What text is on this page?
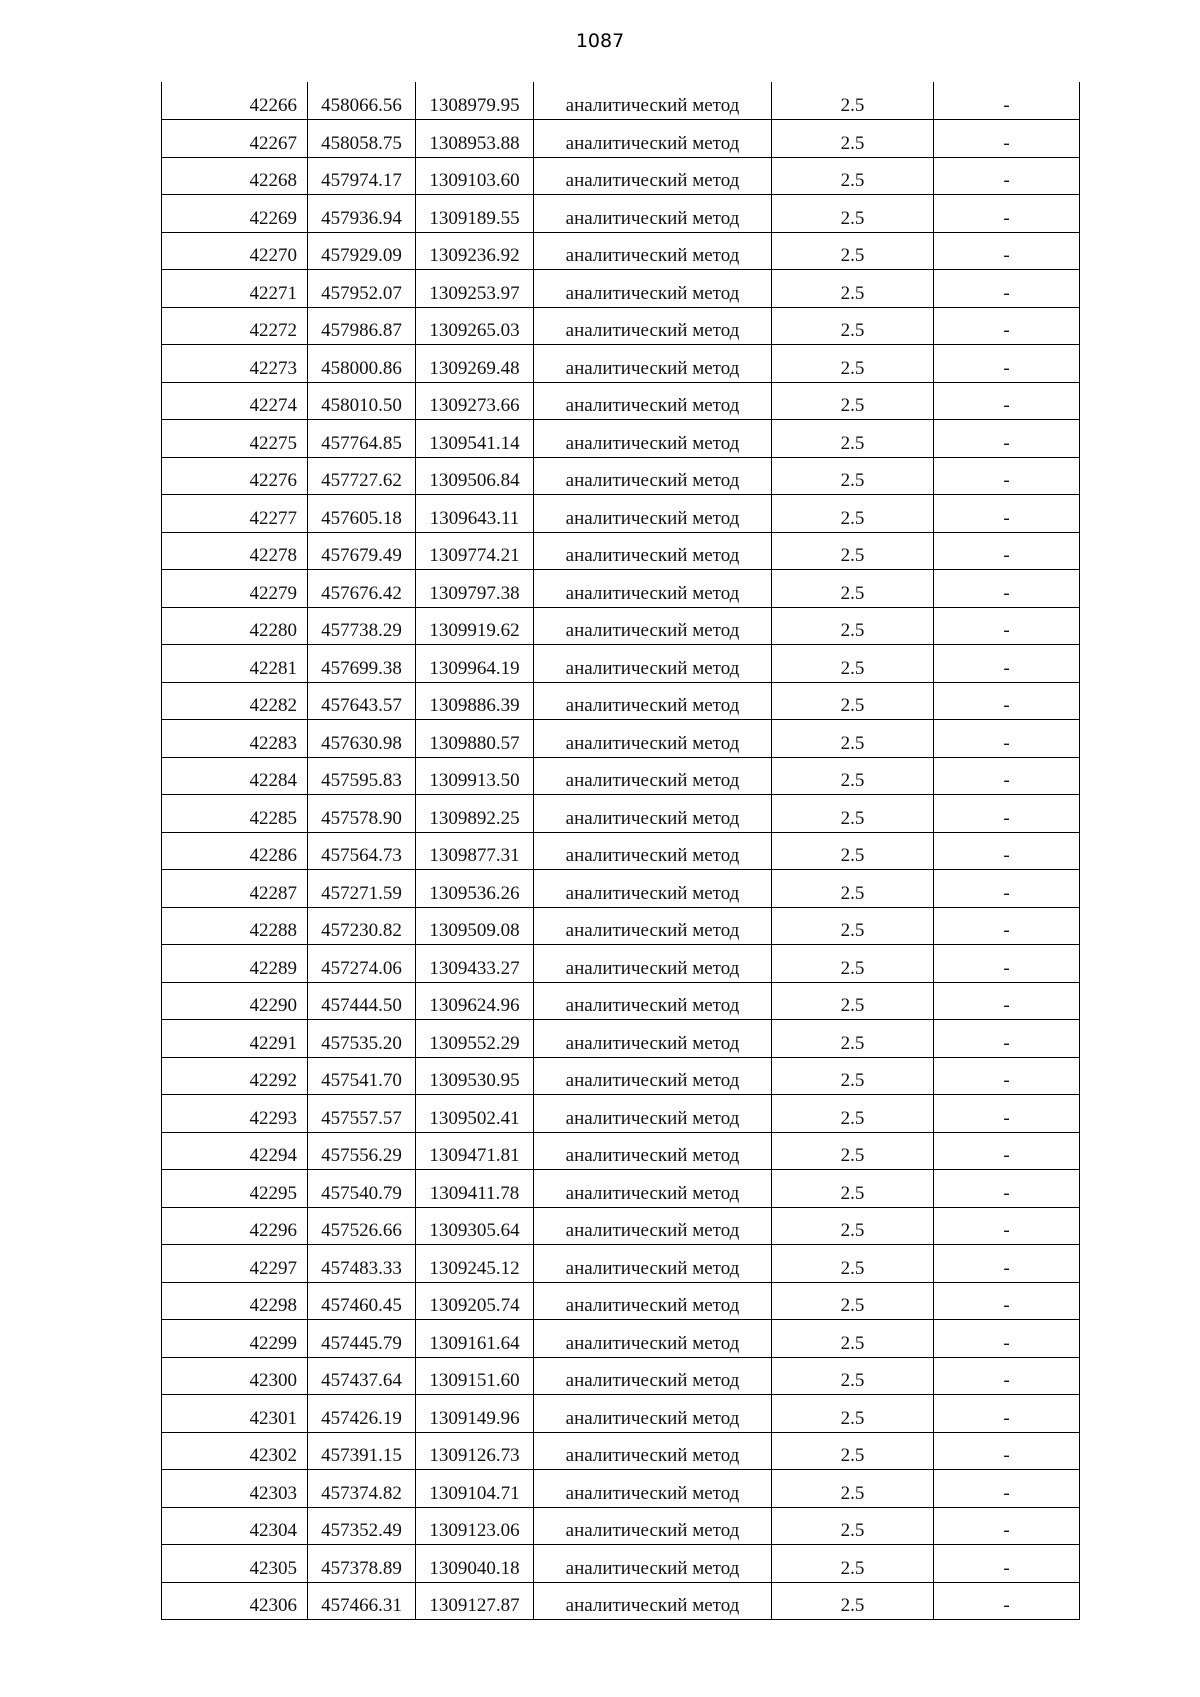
1087
42266	458066.56	1308979.95	аналитический метод	2.5	-
42267	458058.75	1308953.88	аналитический метод	2.5	-
42268	457974.17	1309103.60	аналитический метод	2.5	-
42269	457936.94	1309189.55	аналитический метод	2.5	-
42270	457929.09	1309236.92	аналитический метод	2.5	-
42271	457952.07	1309253.97	аналитический метод	2.5	-
42272	457986.87	1309265.03	аналитический метод	2.5	-
42273	458000.86	1309269.48	аналитический метод	2.5	-
42274	458010.50	1309273.66	аналитический метод	2.5	-
42275	457764.85	1309541.14	аналитический метод	2.5	-
42276	457727.62	1309506.84	аналитический метод	2.5	-
42277	457605.18	1309643.11	аналитический метод	2.5	-
42278	457679.49	1309774.21	аналитический метод	2.5	-
42279	457676.42	1309797.38	аналитический метод	2.5	-
42280	457738.29	1309919.62	аналитический метод	2.5	-
42281	457699.38	1309964.19	аналитический метод	2.5	-
42282	457643.57	1309886.39	аналитический метод	2.5	-
42283	457630.98	1309880.57	аналитический метод	2.5	-
42284	457595.83	1309913.50	аналитический метод	2.5	-
42285	457578.90	1309892.25	аналитический метод	2.5	-
42286	457564.73	1309877.31	аналитический метод	2.5	-
42287	457271.59	1309536.26	аналитический метод	2.5	-
42288	457230.82	1309509.08	аналитический метод	2.5	-
42289	457274.06	1309433.27	аналитический метод	2.5	-
42290	457444.50	1309624.96	аналитический метод	2.5	-
42291	457535.20	1309552.29	аналитический метод	2.5	-
42292	457541.70	1309530.95	аналитический метод	2.5	-
42293	457557.57	1309502.41	аналитический метод	2.5	-
42294	457556.29	1309471.81	аналитический метод	2.5	-
42295	457540.79	1309411.78	аналитический метод	2.5	-
42296	457526.66	1309305.64	аналитический метод	2.5	-
42297	457483.33	1309245.12	аналитический метод	2.5	-
42298	457460.45	1309205.74	аналитический метод	2.5	-
42299	457445.79	1309161.64	аналитический метод	2.5	-
42300	457437.64	1309151.60	аналитический метод	2.5	-
42301	457426.19	1309149.96	аналитический метод	2.5	-
42302	457391.15	1309126.73	аналитический метод	2.5	-
42303	457374.82	1309104.71	аналитический метод	2.5	-
42304	457352.49	1309123.06	аналитический метод	2.5	-
42305	457378.89	1309040.18	аналитический метод	2.5	-
42306	457466.31	1309127.87	аналитический метод	2.5	-
